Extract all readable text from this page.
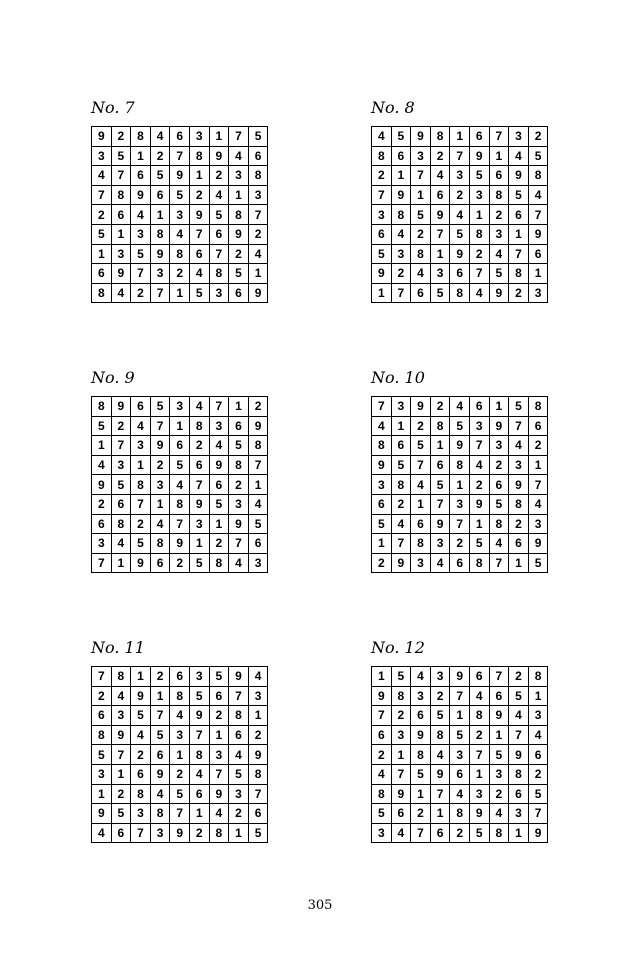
No. 7
9	2	8	4	6	3	1	7	5
3	5	1	2	7	8	9	4	6
4	7	6	5	9	1	2	3	8
7	8	9	6	5	2	4	1	3
2	6	4	1	3	9	5	8	7
5	1	3	8	4	7	6	9	2
1	3	5	9	8	6	7	2	4
6	9	7	3	2	4	8	5	1
8	4	2	7	1	5	3	6	9
No. 8
4	5	9	8	1	6	7	3	2
8	6	3	2	7	9	1	4	5
2	1	7	4	3	5	6	9	8
7	9	1	6	2	3	8	5	4
3	8	5	9	4	1	2	6	7
6	4	2	7	5	8	3	1	9
5	3	8	1	9	2	4	7	6
9	2	4	3	6	7	5	8	1
1	7	6	5	8	4	9	2	3
No. 9
8	9	6	5	3	4	7	1	2
5	2	4	7	1	8	3	6	9
1	7	3	9	6	2	4	5	8
4	3	1	2	5	6	9	8	7
9	5	8	3	4	7	6	2	1
2	6	7	1	8	9	5	3	4
6	8	2	4	7	3	1	9	5
3	4	5	8	9	1	2	7	6
7	1	9	6	2	5	8	4	3
No. 10
7	3	9	2	4	6	1	5	8
4	1	2	8	5	3	9	7	6
8	6	5	1	9	7	3	4	2
9	5	7	6	8	4	2	3	1
3	8	4	5	1	2	6	9	7
6	2	1	7	3	9	5	8	4
5	4	6	9	7	1	8	2	3
1	7	8	3	2	5	4	6	9
2	9	3	4	6	8	7	1	5
No. 11
7	8	1	2	6	3	5	9	4
2	4	9	1	8	5	6	7	3
6	3	5	7	4	9	2	8	1
8	9	4	5	3	7	1	6	2
5	7	2	6	1	8	3	4	9
3	1	6	9	2	4	7	5	8
1	2	8	4	5	6	9	3	7
9	5	3	8	7	1	4	2	6
4	6	7	3	9	2	8	1	5
No. 12
1	5	4	3	9	6	7	2	8
9	8	3	2	7	4	6	5	1
7	2	6	5	1	8	9	4	3
6	3	9	8	5	2	1	7	4
2	1	8	4	3	7	5	9	6
4	7	5	9	6	1	3	8	2
8	9	1	7	4	3	2	6	5
5	6	2	1	8	9	4	3	7
3	4	7	6	2	5	8	1	9
305
